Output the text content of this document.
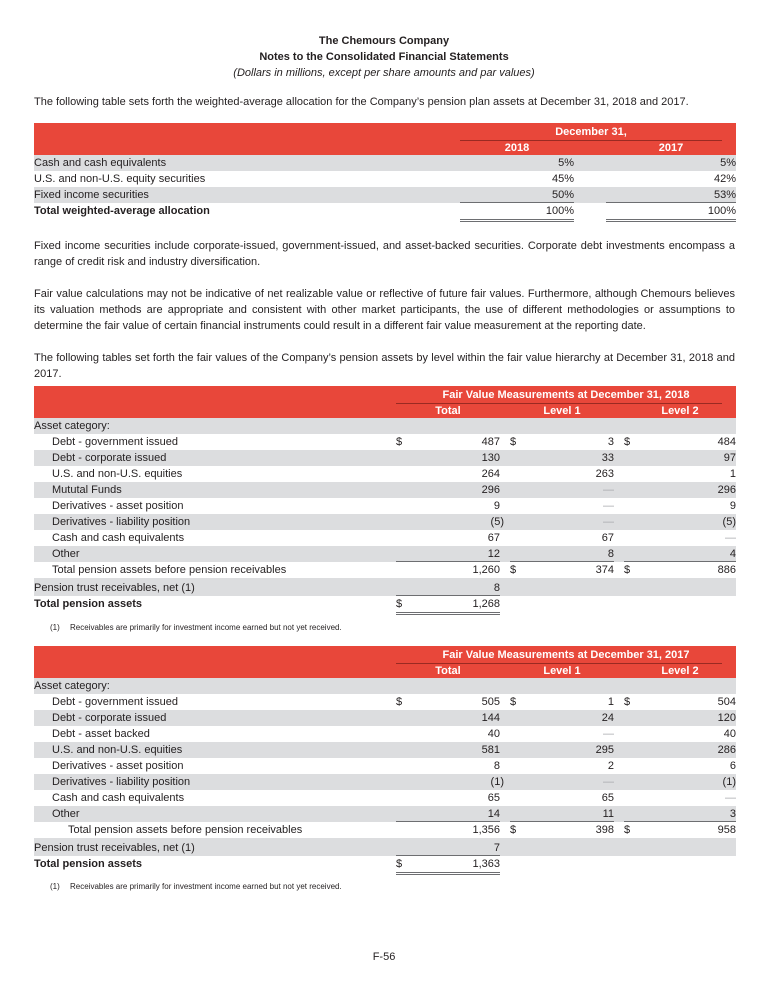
The Chemours Company
Notes to the Consolidated Financial Statements
(Dollars in millions, except per share amounts and par values)
The following table sets forth the weighted-average allocation for the Company’s pension plan assets at December 31, 2018 and 2017.
December 31,
2018	2017
Cash and cash equivalents	5%	5%
U.S. and non-U.S. equity securities	45%	42%
Fixed income securities	50%	53%
Total weighted-average allocation	100%	100%
Fixed income securities include corporate-issued, government-issued, and asset-backed securities. Corporate debt investments encompass a range of credit risk and industry diversification.
Fair value calculations may not be indicative of net realizable value or reflective of future fair values. Furthermore, although Chemours believes its valuation methods are appropriate and consistent with other market participants, the use of different methodologies or assumptions to determine the fair value of certain financial instruments could result in a different fair value measurement at the reporting date.
The following tables set forth the fair values of the Company’s pension assets by level within the fair value hierarchy at December 31, 2018 and 2017.
Fair Value Measurements at December 31, 2018
Total	Level 1	Level 2
Asset category:
Debt - government issued	$	487 $	3 $	484
Debt - corporate issued	130	33	97
U.S. and non-U.S. equities	264	263	1
Mututal Funds	296	—	296
Derivatives - asset position	9	—	9
Derivatives - liability position	(5)	—	(5)
Cash and cash equivalents	67	67	—
Other	12	8	4
Total pension assets before pension receivables	1,260 $	374 $	886
Pension trust receivables, net (1)	8
Total pension assets	$	1,268
(1) Receivables are primarily for investment income earned but not yet received.
Fair Value Measurements at December 31, 2017
Total	Level 1	Level 2
Asset category:
Debt - government issued	$	505 $	1 $	504
Debt - corporate issued	144	24	120
Debt - asset backed	40	—	40
U.S. and non-U.S. equities	581	295	286
Derivatives - asset position	8	2	6
Derivatives - liability position	(1)	—	(1)
Cash and cash equivalents	65	65	—
Other	14	11	3
Total pension assets before pension receivables	1,356 $	398 $	958
Pension trust receivables, net (1)	7
Total pension assets	$	1,363
(1) Receivables are primarily for investment income earned but not yet received.
F-56
